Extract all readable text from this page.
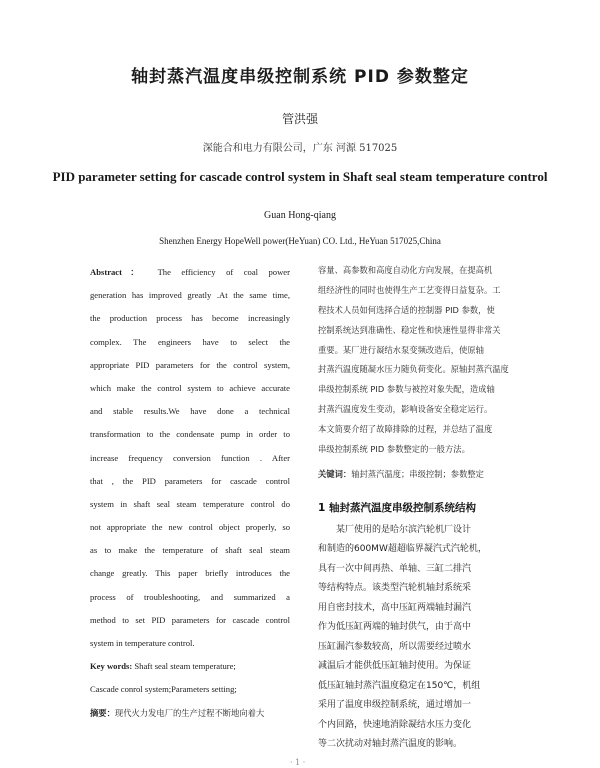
轴封蒸汽温度串级控制系统 PID 参数整定
管洪强
深能合和电力有限公司，广东 河源 517025
PID parameter setting for cascade control system in Shaft seal steam temperature control
Guan Hong-qiang
Shenzhen Energy HopeWell power(HeYuan) CO. Ltd., HeYuan 517025,China
Abstract： The efficiency of coal power
generation has improved greatly .At the same time,
the production process has become increasingly
complex. The engineers have to select the
appropriate PID parameters for the control system,
which make the control system to achieve accurate
and stable results.We have done a technical
transformation to the condensate pump in order to
increase frequency conversion function . After
that , the PID parameters for cascade control
system in shaft seal steam temperature control do
not appropriate the new control object properly, so
as to make the temperature of shaft seal steam
change greatly. This paper briefly introduces the
process of troubleshooting, and summarized a
method to set PID parameters for cascade control
system in temperature control.
Key words: Shaft seal steam temperature;
Cascade conrol system;Parameters setting;
摘要：现代火力发电厂的生产过程不断地向着大
容量、高参数和高度自动化方向发展，在提高机
组经济性的同时也使得生产工艺变得日益复杂。工
程技术人员如何选择合适的控制器 PID 参数，使
控制系统达到准确性、稳定性和快速性显得非常关
重要。某厂进行凝结水泵变频改造后，使原轴
封蒸汽温度随凝水压力随负荷变化。原轴封蒸汽温度
串级控制系统 PID 参数与被控对象失配，造成轴
封蒸汽温度发生变动，影响设备安全稳定运行。
本文简要介绍了故障排除的过程，并总结了温度
串级控制系统 PID 参数整定的一般方法。
关键词：轴封蒸汽温度；串级控制；参数整定
1 轴封蒸汽温度串级控制系统结构
某厂使用的是哈尔滨汽轮机厂设计
和制造的600MW超超临界凝汽式汽轮机，
具有一次中间再热、单轴、三缸二排汽
等结构特点。该类型汽轮机轴封系统采
用自密封技术，高中压缸两端轴封漏汽
作为低压缸两端的轴封供气，由于高中
压缸漏汽参数较高，所以需要经过喷水
减温后才能供低压缸轴封使用。为保证
低压缸轴封蒸汽温度稳定在150℃，机组
采用了温度串级控制系统，通过增加一
个内回路，快速地消除凝结水压力变化
等二次扰动对轴封蒸汽温度的影响。
· 1 ·
